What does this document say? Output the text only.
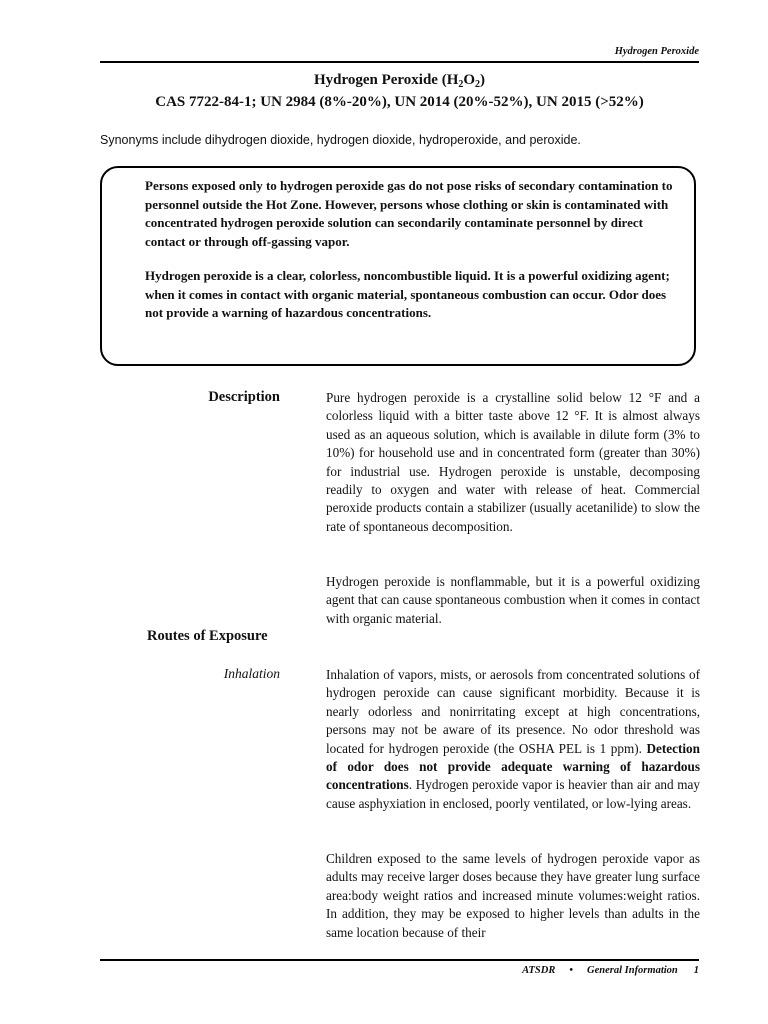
Hydrogen Peroxide
Hydrogen Peroxide $(H_2O_2)$
CAS 7722-84-1; UN 2984 (8%-20%), UN 2014 (20%-52%), UN 2015 (>52%)
Synonyms include dihydrogen dioxide, hydrogen dioxide, hydroperoxide, and peroxide.

Persons exposed only to hydrogen peroxide gas do not pose risks of secondary contamination to personnel outside the Hot Zone. However, persons whose clothing or skin is contaminated with concentrated hydrogen peroxide solution can secondarily contaminate personnel by direct contact or through off-gassing vapor.

Hydrogen peroxide is a clear, colorless, noncombustible liquid. It is a powerful oxidizing agent; when it comes in contact with organic material, spontaneous combustion can occur. Odor does not provide a warning of hazardous concentrations.

Description	Pure hydrogen peroxide is a crystalline solid below 12 °F and a colorless liquid with a bitter taste above 12 °F. It is almost always used as an aqueous solution, which is available in dilute form (3% to 10%) for household use and in concentrated form (greater than 30%) for industrial use. Hydrogen peroxide is unstable, decomposing readily to oxygen and water with release of heat. Commercial peroxide products contain a stabilizer (usually acetanilide) to slow the rate of spontaneous decomposition.

Hydrogen peroxide is nonflammable, but it is a powerful oxidizing agent that can cause spontaneous combustion when it comes in contact with organic material.

Routes of Exposure
Inhalation	Inhalation of vapors, mists, or aerosols from concentrated solutions of hydrogen peroxide can cause significant morbidity. Because it is nearly odorless and nonirritating except at high concentrations, persons may not be aware of its presence. No odor threshold was located for hydrogen peroxide (the OSHA PEL is 1 ppm). Detection of odor does not provide adequate warning of hazardous concentrations. Hydrogen peroxide vapor is heavier than air and may cause asphyxiation in enclosed, poorly ventilated, or low-lying areas.

Children exposed to the same levels of hydrogen peroxide vapor as adults may receive larger doses because they have greater lung surface area:body weight ratios and increased minute volumes:weight ratios. In addition, they may be exposed to higher levels than adults in the same location because of their

ATSDR • General Information 1
